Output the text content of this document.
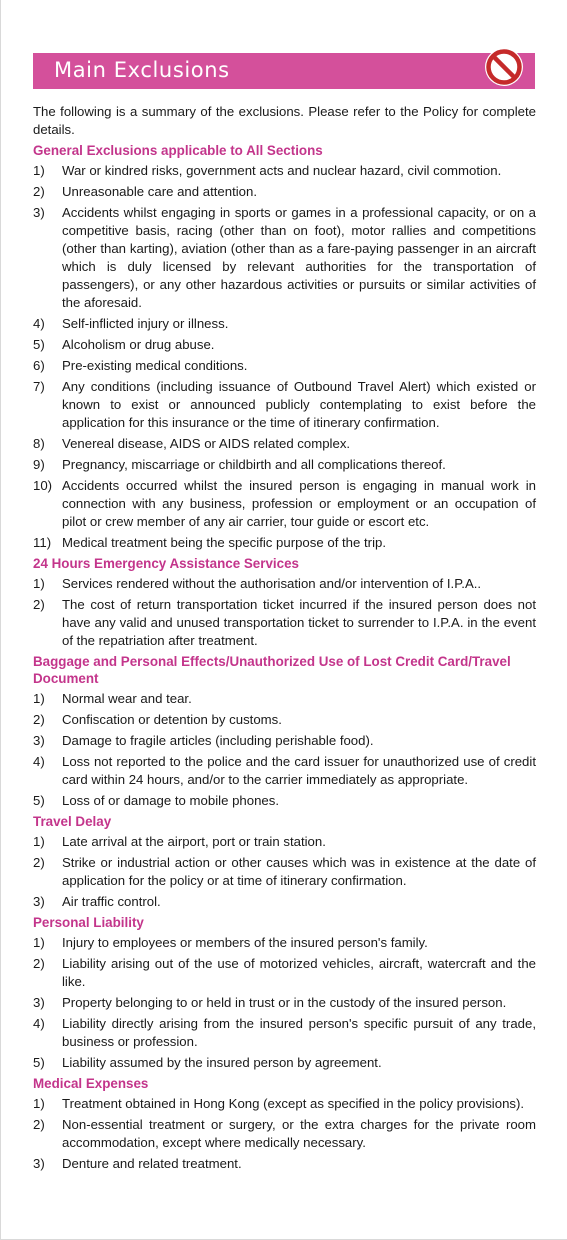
Main Exclusions

The following is a summary of the exclusions. Please refer to the Policy for complete details.

General Exclusions applicable to All Sections
1)	War or kindred risks, government acts and nuclear hazard, civil commotion.
2)	Unreasonable care and attention.
3)	Accidents whilst engaging in sports or games in a professional capacity, or on a competitive basis, racing (other than on foot), motor rallies and competitions (other than karting), aviation (other than as a fare-paying passenger in an aircraft which is duly licensed by relevant authorities for the transportation of passengers), or any other hazardous activities or pursuits or similar activities of the aforesaid.
4)	Self-inflicted injury or illness.
5)	Alcoholism or drug abuse.
6)	Pre-existing medical conditions.
7)	Any conditions (including issuance of Outbound Travel Alert) which existed or known to exist or announced publicly contemplating to exist before the application for this insurance or the time of itinerary confirmation.
8)	Venereal disease, AIDS or AIDS related complex.
9)	Pregnancy, miscarriage or childbirth and all complications thereof.
10) Accidents occurred whilst the insured person is engaging in manual work in connection with any business, profession or employment or an occupation of pilot or crew member of any air carrier, tour guide or escort etc.
11) Medical treatment being the specific purpose of the trip.
24 Hours Emergency Assistance Services
1)	Services rendered without the authorisation and/or intervention of I.P.A..
2)	The cost of return transportation ticket incurred if the insured person does not have any valid and unused transportation ticket to surrender to I.P.A. in the event of the repatriation after treatment.
Baggage and Personal Effects/Unauthorized Use of Lost Credit Card/Travel Document
1)	Normal wear and tear.
2)	Confiscation or detention by customs.
3)	Damage to fragile articles (including perishable food).
4)	Loss not reported to the police and the card issuer for unauthorized use of credit card within 24 hours, and/or to the carrier immediately as appropriate.
5)	Loss of or damage to mobile phones.
Travel Delay
1)	Late arrival at the airport, port or train station.
2)	Strike or industrial action or other causes which was in existence at the date of application for the policy or at time of itinerary confirmation.
3)	Air traffic control.
Personal Liability
1)	Injury to employees or members of the insured person's family.
2)	Liability arising out of the use of motorized vehicles, aircraft, watercraft and the like.
3)	Property belonging to or held in trust or in the custody of the insured person.
4)	Liability directly arising from the insured person's specific pursuit of any trade, business or profession.
5)	Liability assumed by the insured person by agreement.
Medical Expenses
1)	Treatment obtained in Hong Kong (except as specified in the policy provisions).
2)	Non-essential treatment or surgery, or the extra charges for the private room accommodation, except where medically necessary.
3)	Denture and related treatment.
